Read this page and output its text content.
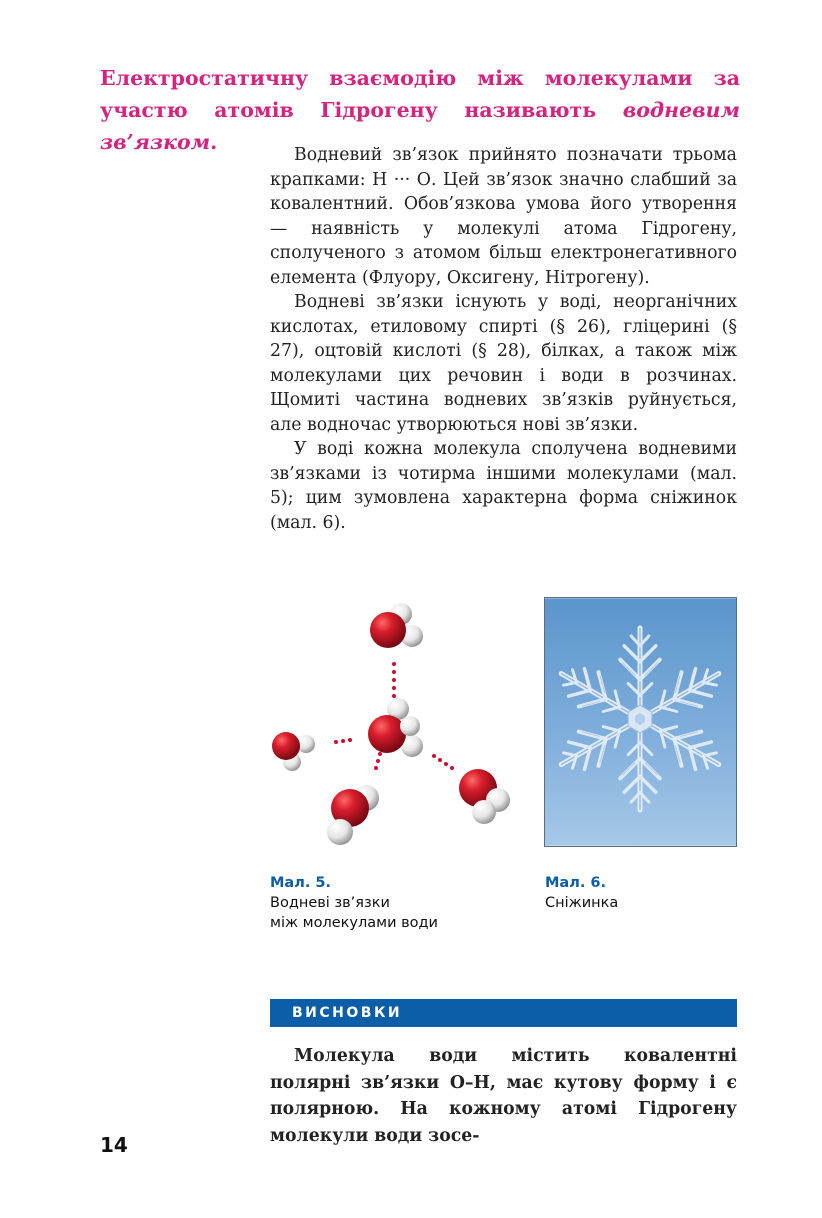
Електростатичну взаємодію між молекулами за участю атомів Гідрогену називають водневим зв’язком.

Водневий зв’язок прийнято позначати трьома крапками: Н ··· О. Цей зв’язок значно слабший за ковалентний. Обов’язкова умова його утворення — наявність у молекулі атома Гідрогену, сполученого з атомом більш електронегативного елемента (Флуору, Оксигену, Нітрогену).

Водневі зв’язки існують у воді, неорганічних кислотах, етиловому спирті (§ 26), гліцерині (§ 27), оцтовій кислоті (§ 28), білках, а також між молекулами цих речовин і води в розчинах. Щомиті частина водневих зв’язків руйнується, але водночас утворюються нові зв’язки.

У воді кожна молекула сполучена водневими зв’язками із чотирма іншими молекулами (мал. 5); цим зумовлена характерна форма сніжинок (мал. 6).

Мал. 5.
Водневі зв’язки
між молекулами води
Мал. 6.
Сніжинка
ВИСНОВКИ

Молекула води містить ковалентні полярні зв’язки О–Н, має кутову форму і є полярною. На кожному атомі Гідрогену молекули води зосе-

14
